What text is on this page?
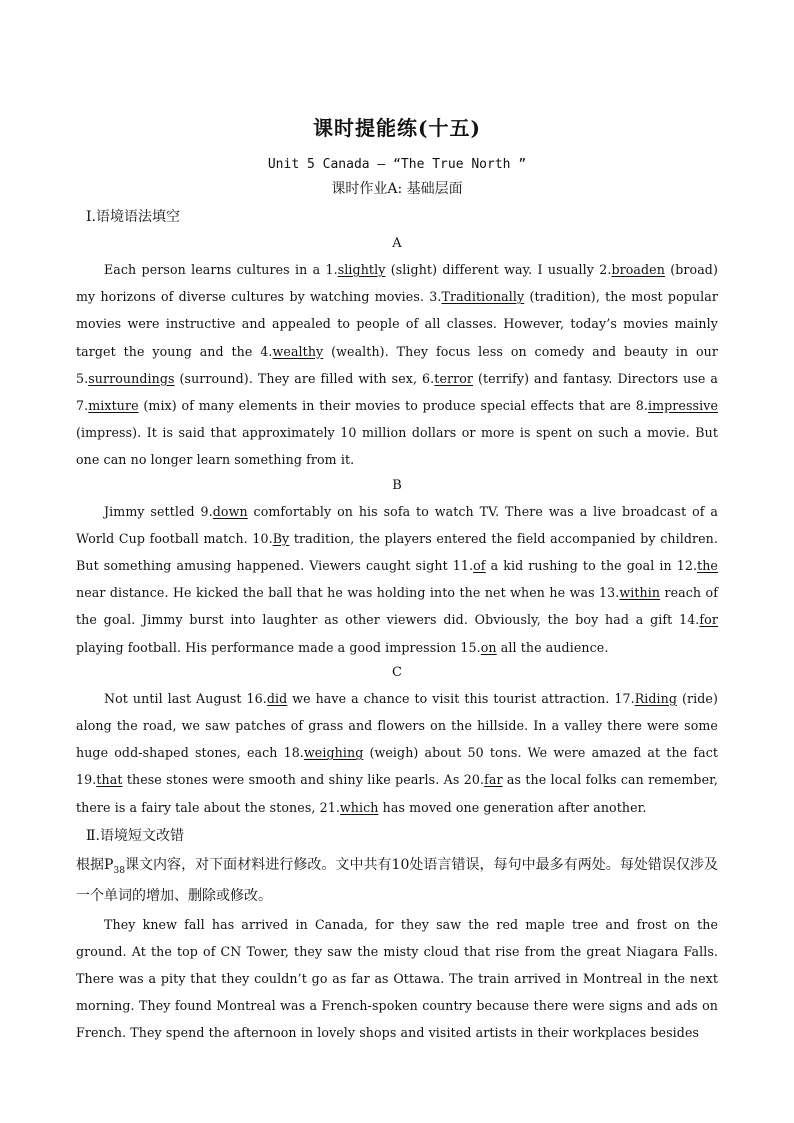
课时提能练(十五)
Unit 5 Canada — “The True North ”
课时作业A: 基础层面
Ⅰ.语境语法填空
A

Each person learns cultures in a 1.slightly (slight) different way. I usually 2.broaden (broad) my horizons of diverse cultures by watching movies. 3.Traditionally (tradition), the most popular movies were instructive and appealed to people of all classes. However, today’s movies mainly target the young and the 4.wealthy (wealth). They focus less on comedy and beauty in our 5.surroundings (surround). They are filled with sex, 6.terror (terrify) and fantasy. Directors use a 7.mixture (mix) of many elements in their movies to produce special effects that are 8.impressive (impress). It is said that approximately 10 million dollars or more is spent on such a movie. But one can no longer learn something from it.

B

Jimmy settled 9.down comfortably on his sofa to watch TV. There was a live broadcast of a World Cup football match. 10.By tradition, the players entered the field accompanied by children. But something amusing happened. Viewers caught sight 11.of a kid rushing to the goal in 12.the near distance. He kicked the ball that he was holding into the net when he was 13.within reach of the goal. Jimmy burst into laughter as other viewers did. Obviously, the boy had a gift 14.for playing football. His performance made a good impression 15.on all the audience.

C

Not until last August 16.did we have a chance to visit this tourist attraction. 17.Riding (ride) along the road, we saw patches of grass and flowers on the hillside. In a valley there were some huge odd-shaped stones, each 18.weighing (weigh) about 50 tons. We were amazed at the fact 19.that these stones were smooth and shiny like pearls. As 20.far as the local folks can remember, there is a fairy tale about the stones, 21.which has moved one generation after another.

Ⅱ.语境短文改错

根据$P_{38}$课文内容，对下面材料进行修改。文中共有10处语言错误，每句中最多有两处。每处错误仅涉及一个单词的增加、删除或修改。

They knew fall has arrived in Canada, for they saw the red maple tree and frost on the ground. At the top of CN Tower, they saw the misty cloud that rise from the great Niagara Falls. There was a pity that they couldn’t go as far as Ottawa. The train arrived in Montreal in the next morning. They found Montreal was a French-spoken country because there were signs and ads on French. They spend the afternoon in lovely shops and visited artists in their workplaces besides
